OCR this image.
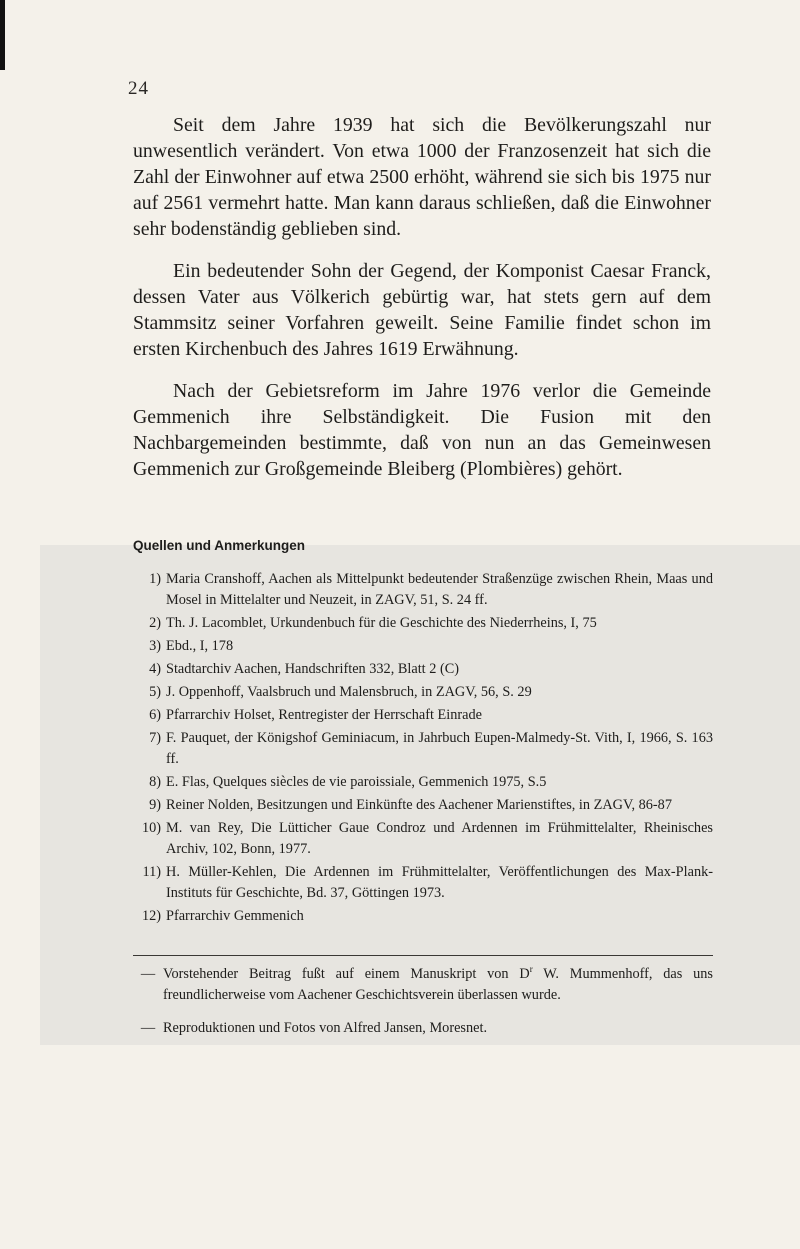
24

Seit dem Jahre 1939 hat sich die Bevölkerungszahl nur unwesentlich verändert. Von etwa 1000 der Franzosenzeit hat sich die Zahl der Einwohner auf etwa 2500 erhöht, während sie sich bis 1975 nur auf 2561 vermehrt hatte. Man kann daraus schließen, daß die Einwohner sehr bodenständig geblieben sind.

Ein bedeutender Sohn der Gegend, der Komponist Caesar Franck, dessen Vater aus Völkerich gebürtig war, hat stets gern auf dem Stammsitz seiner Vorfahren geweilt. Seine Familie findet schon im ersten Kirchenbuch des Jahres 1619 Erwähnung.

Nach der Gebietsreform im Jahre 1976 verlor die Gemeinde Gemmenich ihre Selbständigkeit. Die Fusion mit den Nachbargemeinden bestimmte, daß von nun an das Gemeinwesen Gemmenich zur Großgemeinde Bleiberg (Plombières) gehört.

Quellen und Anmerkungen
1) Maria Cranshoff, Aachen als Mittelpunkt bedeutender Straßenzüge zwischen Rhein, Maas und Mosel in Mittelalter und Neuzeit, in ZAGV, 51, S. 24 ff.
2) Th. J. Lacomblet, Urkundenbuch für die Geschichte des Niederrheins, I, 75
3) Ebd., I, 178
4) Stadtarchiv Aachen, Handschriften 332, Blatt 2 (C)
5) J. Oppenhoff, Vaalsbruch und Malensbruch, in ZAGV, 56, S. 29
6) Pfarrarchiv Holset, Rentregister der Herrschaft Einrade
7) F. Pauquet, der Königshof Geminiacum, in Jahrbuch Eupen-Malmedy-St. Vith, I, 1966, S. 163 ff.
8) E. Flas, Quelques siècles de vie paroissiale, Gemmenich 1975, S.5
9) Reiner Nolden, Besitzungen und Einkünfte des Aachener Marienstiftes, in ZAGV, 86-87
10) M. van Rey, Die Lütticher Gaue Condroz und Ardennen im Frühmittelalter, Rheinisches Archiv, 102, Bonn, 1977.
11) H. Müller-Kehlen, Die Ardennen im Frühmittelalter, Veröffentlichungen des Max-Plank-Instituts für Geschichte, Bd. 37, Göttingen 1973.
12) Pfarrarchiv Gemmenich
— Vorstehender Beitrag fußt auf einem Manuskript von $D^r$ W. Mummenhoff, das uns freundlicherweise vom Aachener Geschichtsverein überlassen wurde.
— Reproduktionen und Fotos von Alfred Jansen, Moresnet.
